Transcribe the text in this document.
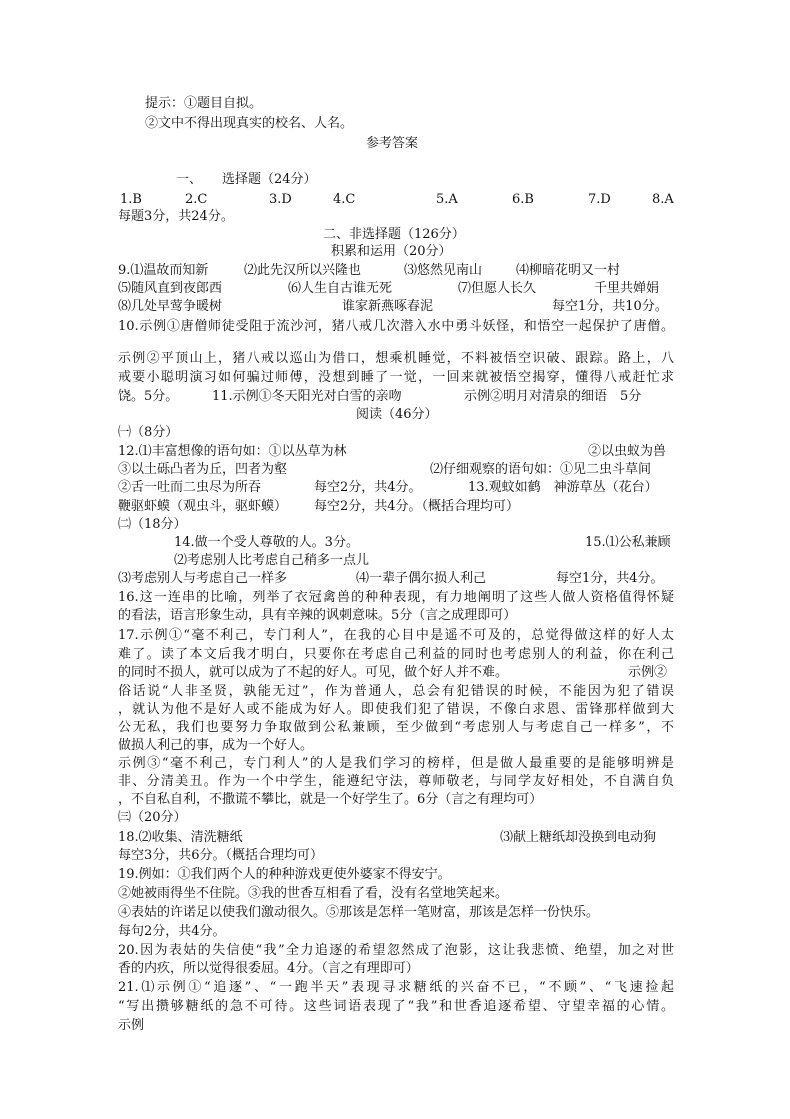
提示：①题目自拟。
②文中不得出现真实的校名、人名。
参考答案
一、 选择题（24分）
1.B	2.C	3.D	4.C	5.A	6.B	7.D	8.A
每题3分，共24分。
二、非选择题（126分）
积累和运用（20分）
9.⑴温故而知新	⑵此先汉所以兴隆也	⑶悠然见南山	⑷柳暗花明又一村
⑸随风直到夜郎西	⑹人生自古谁无死	⑺但愿人长久	千里共婵娟
⑻几处早莺争暖树	谁家新燕啄春泥	每空1分，共10分。
10.示例①唐僧师徒受阻于流沙河，猪八戒几次潜入水中勇斗妖怪，和悟空一起保护了唐僧。
示例②平顶山上，猪八戒以巡山为借口，想乘机睡觉，不料被悟空识破、跟踪。路上，八
戒要小聪明演习如何骗过师傅，没想到睡了一觉，一回来就被悟空揭穿，懂得八戒赶忙求
饶。5分。	11.示例①冬天阳光对白雪的亲吻	示例②明月对清泉的细语　5分
阅读（46分）
㈠（8分）
12.⑴丰富想像的语句如：①以丛草为林	②以虫蚁为兽
③以土砾凸者为丘，凹者为壑	⑵仔细观察的语句如：①见二虫斗草间
②舌一吐而二虫尽为所吞	每空2分，共4分。	13.观蚊如鹤　神游草丛（花台）
鞭驱虾蟆（观虫斗，驱虾蟆） 每空2分，共4分。（概括合理均可）
㈡（18分）
14.做一个受人尊敬的人。3分。	15.⑴公私兼顾
⑵考虑别人比考虑自己稍多一点儿
⑶考虑别人与考虑自己一样多	⑷一辈子偶尔损人利己	每空1分，共4分。
16.这一连串的比喻，列举了衣冠禽兽的种种表现，有力地阐明了这些人做人资格值得怀疑
的看法，语言形象生动，具有辛辣的讽刺意味。5分（言之成理即可）
17.示例①“毫不利己，专门利人”，在我的心目中是遥不可及的，总觉得做这样的好人太
难了。读了本文后我才明白，只要你在考虑自己利益的同时也考虑别人的利益，你在利己
的同时不损人，就可以成为了不起的好人。可见，做个好人并不难。	示例②
俗话说“人非圣贤，孰能无过”，作为普通人，总会有犯错误的时候，不能因为犯了错误
，就认为他不是好人或不能成为好人。即使我们犯了错误，不像白求恩、雷锋那样做到大
公无私，我们也要努力争取做到公私兼顾，至少做到“考虑别人与考虑自己一样多”，不
做损人利己的事，成为一个好人。
示例③“毫不利己，专门利人”的人是我们学习的榜样，但是做人最重要的是能够明辨是
非、分清美丑。作为一个中学生，能遵纪守法，尊师敬老，与同学友好相处，不自满自负
，不自私自利，不撒谎不攀比，就是一个好学生了。6分（言之有理均可）
㈢（20分）
18.⑵收集、清洗糖纸	⑶献上糖纸却没换到电动狗
每空3分，共6分。（概括合理均可）
19.例如：①我们两个人的种种游戏更使外婆家不得安宁。
②她被雨得坐不住院。③我的世香互相看了看，没有名堂地笑起来。
④表姑的许诺足以使我们激动很久。⑤那该是怎样一笔财富，那该是怎样一份快乐。
每句2分，共4分。
20.因为表姑的失信使“我”全力追逐的希望忽然成了泡影，这让我悲愤、绝望，加之对世
香的内疚，所以觉得很委屈。4分。（言之有理即可）
21.⑴示例①“追逐”、“一跑半天”表现寻求糖纸的兴奋不已，“不顾”、“飞速捡起
“写出攒够糖纸的急不可待。这些词语表现了“我”和世香追逐希望、守望幸福的心情。
示例
